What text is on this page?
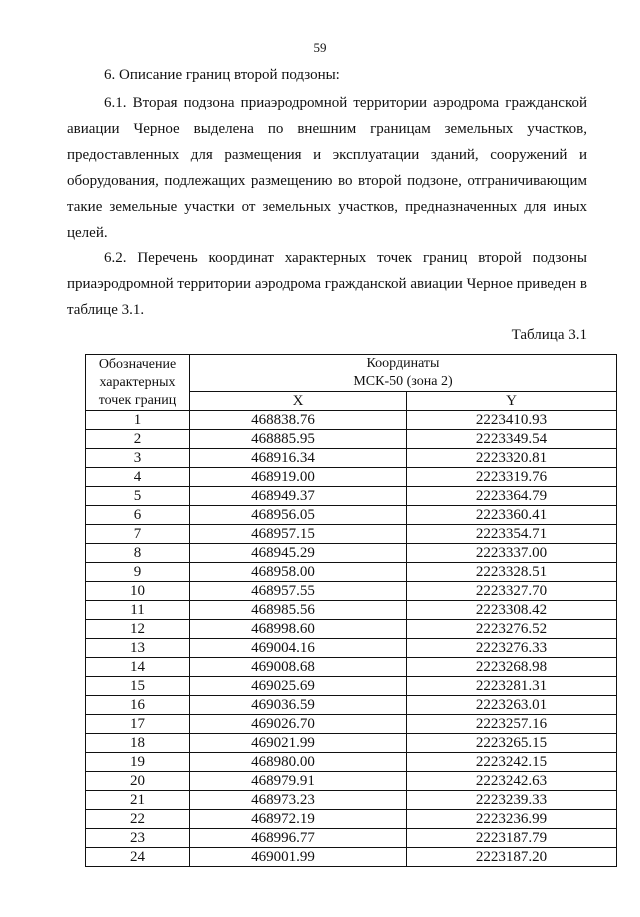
59
6. Описание границ второй подзоны:
6.1. Вторая подзона приаэродромной территории аэродрома гражданской авиации Черное выделена по внешним границам земельных участков, предоставленных для размещения и эксплуатации зданий, сооружений и оборудования, подлежащих размещению во второй подзоне, отграничивающим такие земельные участки от земельных участков, предназначенных для иных целей.
6.2. Перечень координат характерных точек границ второй подзоны приаэродромной территории аэродрома гражданской авиации Черное приведен в таблице 3.1.
Таблица 3.1
Обозначение
характерных
точек границ	Координаты
МСК-50 (зона 2)	

	X	Y
1	468838.76	2223410.93
2	468885.95	2223349.54
3	468916.34	2223320.81
4	468919.00	2223319.76
5	468949.37	2223364.79
6	468956.05	2223360.41
7	468957.15	2223354.71
8	468945.29	2223337.00
9	468958.00	2223328.51
10	468957.55	2223327.70
11	468985.56	2223308.42
12	468998.60	2223276.52
13	469004.16	2223276.33
14	469008.68	2223268.98
15	469025.69	2223281.31
16	469036.59	2223263.01
17	469026.70	2223257.16
18	469021.99	2223265.15
19	468980.00	2223242.15
20	468979.91	2223242.63
21	468973.23	2223239.33
22	468972.19	2223236.99
23	468996.77	2223187.79
24	469001.99	2223187.20
